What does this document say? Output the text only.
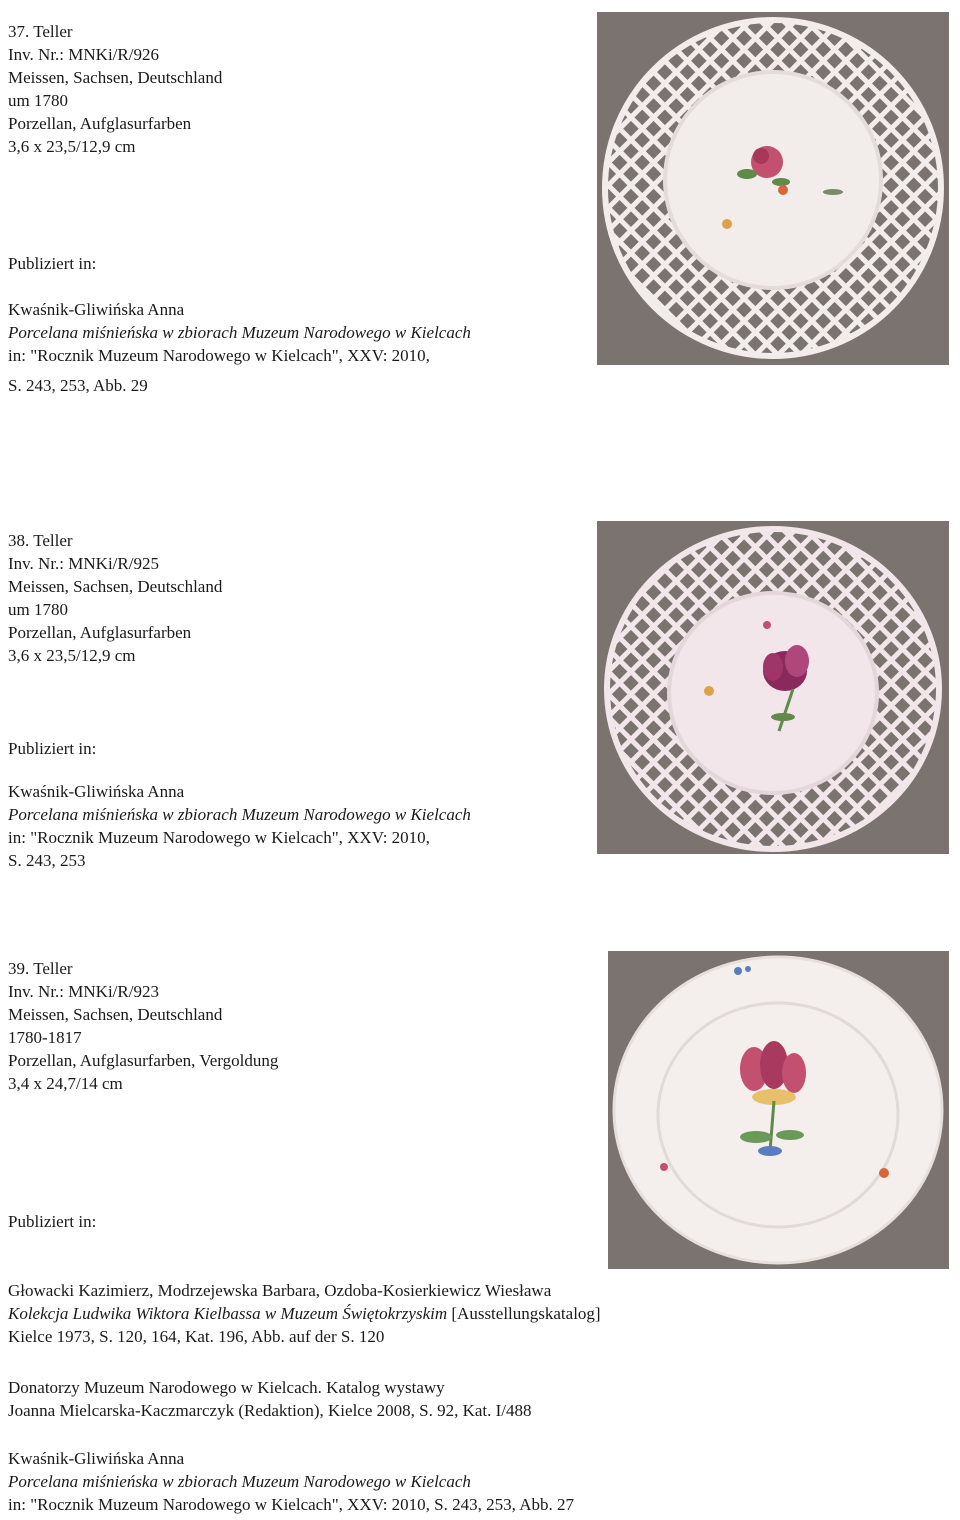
37. Teller
Inv. Nr.: MNKi/R/926
Meissen, Sachsen, Deutschland
um 1780
Porzellan, Aufglasurfarben
3,6 x 23,5/12,9 cm
Publiziert in:
Kwaśnik-Gliwińska Anna
Porcelana miśnieńska w zbiorach Muzeum Narodowego w Kielcach
in: "Rocznik Muzeum Narodowego w Kielcach", XXV: 2010,
S. 243, 253, Abb. 29
38. Teller
Inv. Nr.: MNKi/R/925
Meissen, Sachsen, Deutschland
um 1780
Porzellan, Aufglasurfarben
3,6 x 23,5/12,9 cm
Publiziert in:
Kwaśnik-Gliwińska Anna
Porcelana miśnieńska w zbiorach Muzeum Narodowego w Kielcach
in: "Rocznik Muzeum Narodowego w Kielcach", XXV: 2010,
S. 243, 253
39. Teller
Inv. Nr.: MNKi/R/923
Meissen, Sachsen, Deutschland
1780-1817
Porzellan, Aufglasurfarben, Vergoldung
3,4 x 24,7/14 cm
Publiziert in:
Głowacki Kazimierz, Modrzejewska Barbara, Ozdoba-Kosierkiewicz Wiesława
Kolekcja Ludwika Wiktora Kielbassa w Muzeum Świętokrzyskim [Ausstellungskatalog]
Kielce 1973, S. 120, 164, Kat. 196, Abb. auf der S. 120
Donatorzy Muzeum Narodowego w Kielcach. Katalog wystawy
Joanna Mielcarska-Kaczmarczyk (Redaktion), Kielce 2008, S. 92, Kat. I/488
Kwaśnik-Gliwińska Anna
Porcelana miśnieńska w zbiorach Muzeum Narodowego w Kielcach
in: "Rocznik Muzeum Narodowego w Kielcach", XXV: 2010, S. 243, 253, Abb. 27
